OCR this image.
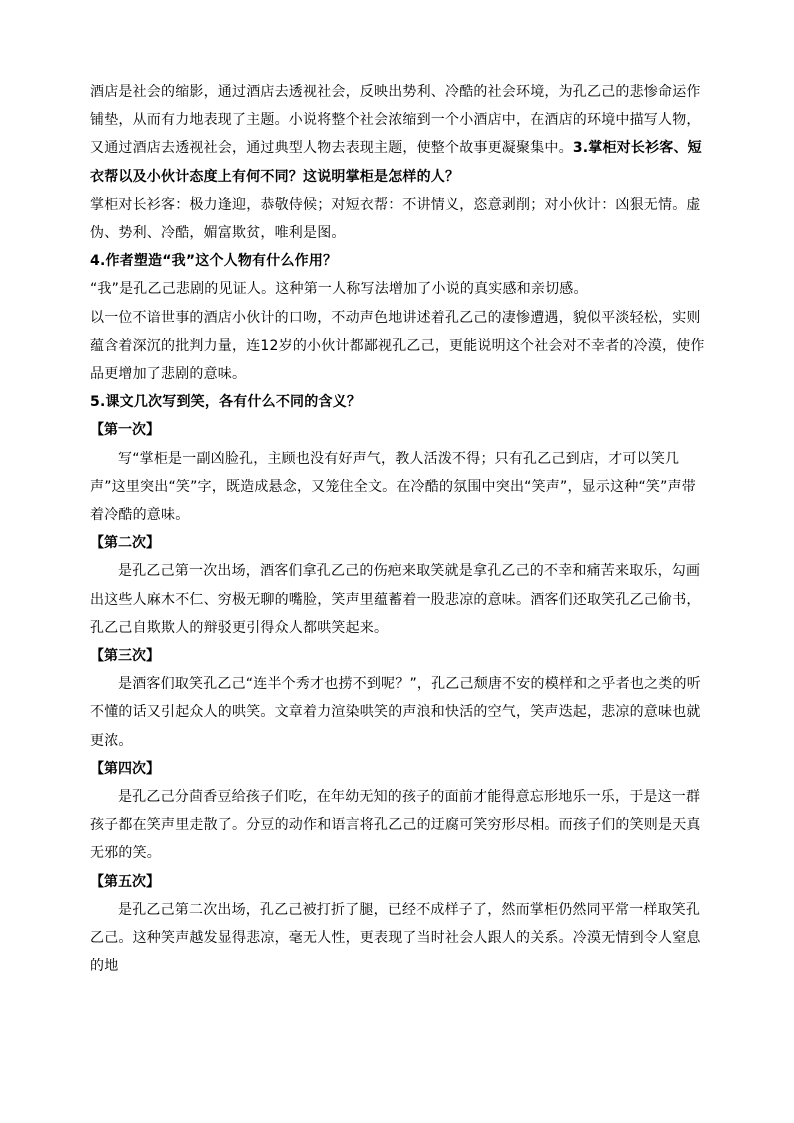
酒店是社会的缩影，通过酒店去透视社会，反映出势利、冷酷的社会环境，为孔乙己的悲惨命运作铺垫，从而有力地表现了主题。小说将整个社会浓缩到一个小酒店中，在酒店的环境中描写人物，又通过酒店去透视社会，通过典型人物去表现主题，使整个故事更凝聚集中。3.掌柜对长衫客、短衣帮以及小伙计态度上有何不同？这说明掌柜是怎样的人？

掌柜对长衫客：极力逢迎，恭敬侍候；对短衣帮：不讲情义，恣意剥削；对小伙计：凶狠无情。虚伪、势利、冷酷，媚富欺贫，唯利是图。

4.作者塑造“我”这个人物有什么作用？

“我”是孔乙己悲剧的见证人。这种第一人称写法增加了小说的真实感和亲切感。

以一位不谙世事的酒店小伙计的口吻，不动声色地讲述着孔乙己的凄惨遭遇，貌似平淡轻松，实则蕴含着深沉的批判力量，连12岁的小伙计都鄙视孔乙己，更能说明这个社会对不幸者的冷漠，使作品更增加了悲剧的意味。

5.课文几次写到笑，各有什么不同的含义？

【第一次】

写“掌柜是一副凶脸孔，主顾也没有好声气，教人活泼不得；只有孔乙己到店，才可以笑几声”这里突出“笑”字，既造成悬念，又笼住全文。在冷酷的氛围中突出“笑声”，显示这种“笑”声带着冷酷的意味。

【第二次】

是孔乙己第一次出场，酒客们拿孔乙己的伤疤来取笑就是拿孔乙己的不幸和痛苦来取乐，勾画出这些人麻木不仁、穷极无聊的嘴脸，笑声里蕴蓄着一股悲凉的意味。酒客们还取笑孔乙己偷书，孔乙己自欺欺人的辩驳更引得众人都哄笑起来。

【第三次】

是酒客们取笑孔乙己“连半个秀才也捞不到呢？”，孔乙己颓唐不安的模样和之乎者也之类的听不懂的话又引起众人的哄笑。文章着力渲染哄笑的声浪和快活的空气，笑声迭起，悲凉的意味也就更浓。

【第四次】

是孔乙己分茴香豆给孩子们吃，在年幼无知的孩子的面前才能得意忘形地乐一乐，于是这一群孩子都在笑声里走散了。分豆的动作和语言将孔乙己的迂腐可笑穷形尽相。而孩子们的笑则是天真无邪的笑。

【第五次】

是孔乙己第二次出场，孔乙己被打折了腿，已经不成样子了，然而掌柜仍然同平常一样取笑孔乙己。这种笑声越发显得悲凉，毫无人性，更表现了当时社会人跟人的关系。冷漠无情到令人窒息的地
